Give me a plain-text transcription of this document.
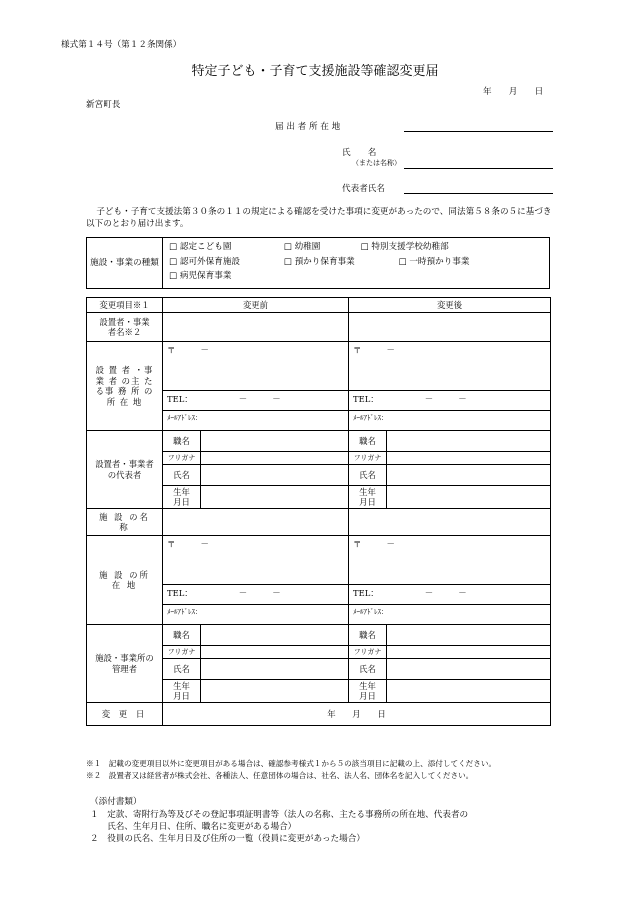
様式第１４号（第１２条関係）
特定子ども・子育て支援施設等確認変更届
年　　月　　日
新宮町長
届 出 者 所 在 地
氏　　名
（または名称）
代表者氏名
子ども・子育て支援法第３０条の１１の規定による確認を受けた事項に変更があったので、同法第５８条の５に基づき以下のとおり届け出ます。
施設・事業の種類	
□ 認定こども園	□ 幼稚園	□ 特別支援学校幼稚部
□ 認可外保育施設	□ 預かり保育事業	□ 一時預かり事業
□ 病児保育事業
変更項目※１	変更前		変更後	
設置者・事業者名※２				
設 置 者 ・事 業 者 の主 た る事 務 所 の所 在 地	〒　　　－		〒　　　－	
	TEL：　　　　　　－　　　－		TEL：　　　　　　－　　　－	
	ﾒｰﾙｱﾄﾞﾚｽ：		ﾒｰﾙｱﾄﾞﾚｽ：	
設置者・事業者の代表者	職名		職名	
	フリガナ		フリガナ	
	氏名		氏名	
	生年月日		生年月日	
施 設 の名 称				
施 設 の所 在 地	〒　　　－		〒　　　－	
	TEL：　　　　　　－　　　－		TEL：　　　　　　－　　　－	
	ﾒｰﾙｱﾄﾞﾚｽ：		ﾒｰﾙｱﾄﾞﾚｽ：	
施設・事業所の管理者	職名		職名	
	フリガナ		フリガナ	
	氏名		氏名	
	生年月日		生年月日	
変 更 日	年　　月　　日			
※１　記載の変更項目以外に変更項目がある場合は、確認参考様式１から５の該当項目に記載の上、添付してください。
※２　設置者又は経営者が株式会社、各種法人、任意団体の場合は、社名、法人名、団体名を記入してください。
（添付書類）
１　定款、寄附行為等及びその登記事項証明書等（法人の名称、主たる事務所の所在地、代表者の
　　氏名、生年月日、住所、職名に変更がある場合）
２　役員の氏名、生年月日及び住所の一覧（役員に変更があった場合）
